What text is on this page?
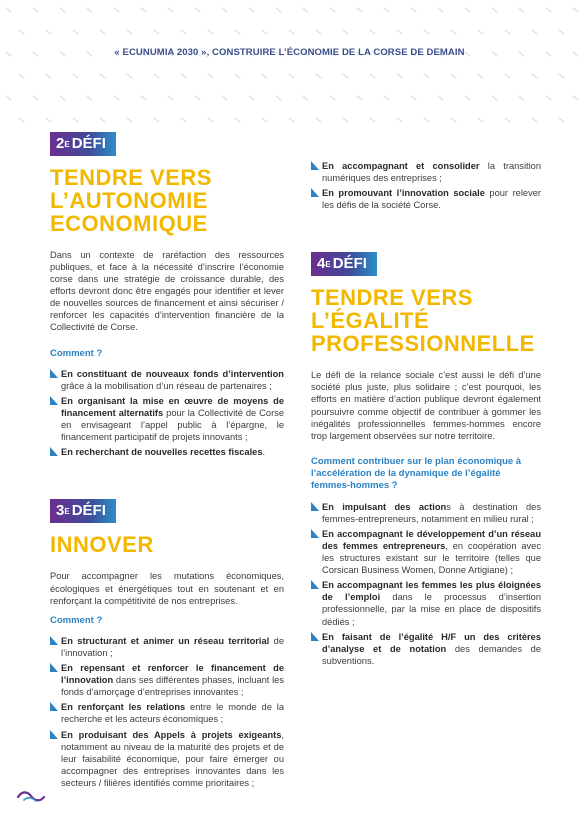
« ECUNUMIA 2030 », CONSTRUIRE L’ÉCONOMIE DE LA CORSE DE DEMAIN
$2^E$ DÉFI
TENDRE VERS
L’AUTONOMIE
ECONOMIQUE

Dans un contexte de raréfaction des ressources publiques, et face à la nécessité d’inscrire l’économie corse dans une stratégie de croissance durable, des efforts devront donc être engagés pour identifier et lever de nouvelles sources de financement et ainsi sécuriser / renforcer les capacités d’intervention financière de la Collectivité de Corse.

Comment ?
En constituant de nouveaux fonds d’intervention grâce à la mobilisation d’un réseau de partenaires ;
En organisant la mise en œuvre de moyens de financement alternatifs pour la Collectivité de Corse en envisageant l’appel public à l’épargne, le financement participatif de projets innovants ;
En recherchant de nouvelles recettes fiscales.
$3^E$ DÉFI
INNOVER

Pour accompagner les mutations économiques, écologiques et énergétiques tout en soutenant et en renforçant la compétitivité de nos entreprises.

Comment ?
En structurant et animer un réseau territorial de l’innovation ;
En repensant et renforcer le financement de l’innovation dans ses différentes phases, incluant les fonds d’amorçage d’entreprises innovantes ;
En renforçant les relations entre le monde de la recherche et les acteurs économiques ;
En produisant des Appels à projets exigeants, notamment au niveau de la maturité des projets et de leur faisabilité économique, pour faire émerger ou accompagner des entreprises innovantes dans les secteurs / filières identifiés comme prioritaires ;
En accompagnant et consolider la transition numériques des entreprises ;
En promouvant l’innovation sociale pour relever les défis de la société Corse.
$4^E$ DÉFI
TENDRE VERS
L’ÉGALITÉ
PROFESSIONNELLE

Le défi de la relance sociale c’est aussi le défi d’une société plus juste, plus solidaire ; c’est pourquoi, les efforts en matière d’action publique devront également poursuivre comme objectif de contribuer à gommer les inégalités professionnelles femmes-hommes encore trop largement observées sur notre territoire.

Comment contribuer sur le plan économique à l’accélération de la dynamique de l’égalité femmes-hommes ?
En impulsant des actions à destination des femmes-entrepreneurs, notamment en milieu rural ;
En accompagnant le développement d’un réseau des femmes entrepreneurs, en coopération avec les structures existant sur le territoire (telles que Corsican Business Women, Donne Artigiane) ;
En accompagnant les femmes les plus éloignées de l’emploi dans le processus d’insertion professionnelle, par la mise en place de dispositifs dédiés ;
En faisant de l’égalité H/F un des critères d’analyse et de notation des demandes de subventions.
